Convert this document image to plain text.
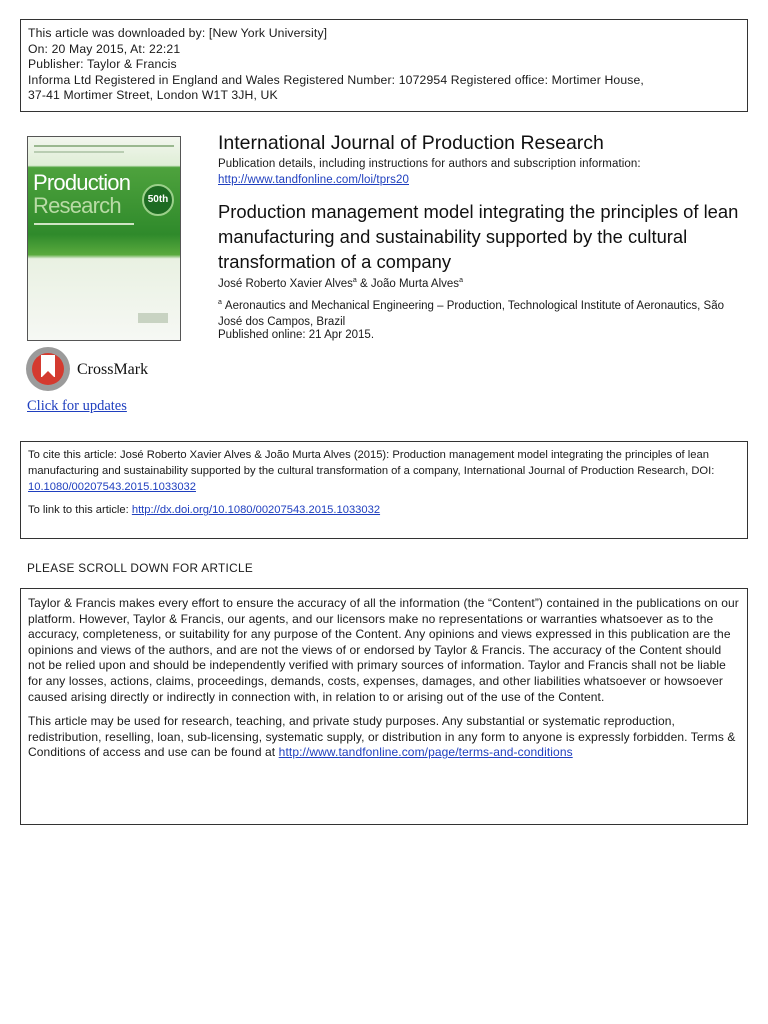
This article was downloaded by: [New York University]
On: 20 May 2015, At: 22:21
Publisher: Taylor & Francis
Informa Ltd Registered in England and Wales Registered Number: 1072954 Registered office: Mortimer House,
37-41 Mortimer Street, London W1T 3JH, UK
Production
Research	50th
CrossMark
Click for updates
International Journal of Production Research
Publication details, including instructions for authors and subscription information:
http://www.tandfonline.com/loi/tprs20
Production management model integrating the principles of lean manufacturing and sustainability supported by the cultural transformation of a company
José Roberto Xavier Alves$^a$ & João Murta Alves$^a$
$^a$ Aeronautics and Mechanical Engineering – Production, Technological Institute of Aeronautics, São José dos Campos, Brazil
Published online: 21 Apr 2015.
To cite this article: José Roberto Xavier Alves & João Murta Alves (2015): Production management model integrating the principles of lean manufacturing and sustainability supported by the cultural transformation of a company, International Journal of Production Research, DOI: 10.1080/00207543.2015.1033032
To link to this article: http://dx.doi.org/10.1080/00207543.2015.1033032
PLEASE SCROLL DOWN FOR ARTICLE

Taylor & Francis makes every effort to ensure the accuracy of all the information (the “Content”) contained in the publications on our platform. However, Taylor & Francis, our agents, and our licensors make no representations or warranties whatsoever as to the accuracy, completeness, or suitability for any purpose of the Content. Any opinions and views expressed in this publication are the opinions and views of the authors, and are not the views of or endorsed by Taylor & Francis. The accuracy of the Content should not be relied upon and should be independently verified with primary sources of information. Taylor and Francis shall not be liable for any losses, actions, claims, proceedings, demands, costs, expenses, damages, and other liabilities whatsoever or howsoever caused arising directly or indirectly in connection with, in relation to or arising out of the use of the Content.

This article may be used for research, teaching, and private study purposes. Any substantial or systematic reproduction, redistribution, reselling, loan, sub-licensing, systematic supply, or distribution in any form to anyone is expressly forbidden. Terms & Conditions of access and use can be found at http://www.tandfonline.com/page/terms-and-conditions
